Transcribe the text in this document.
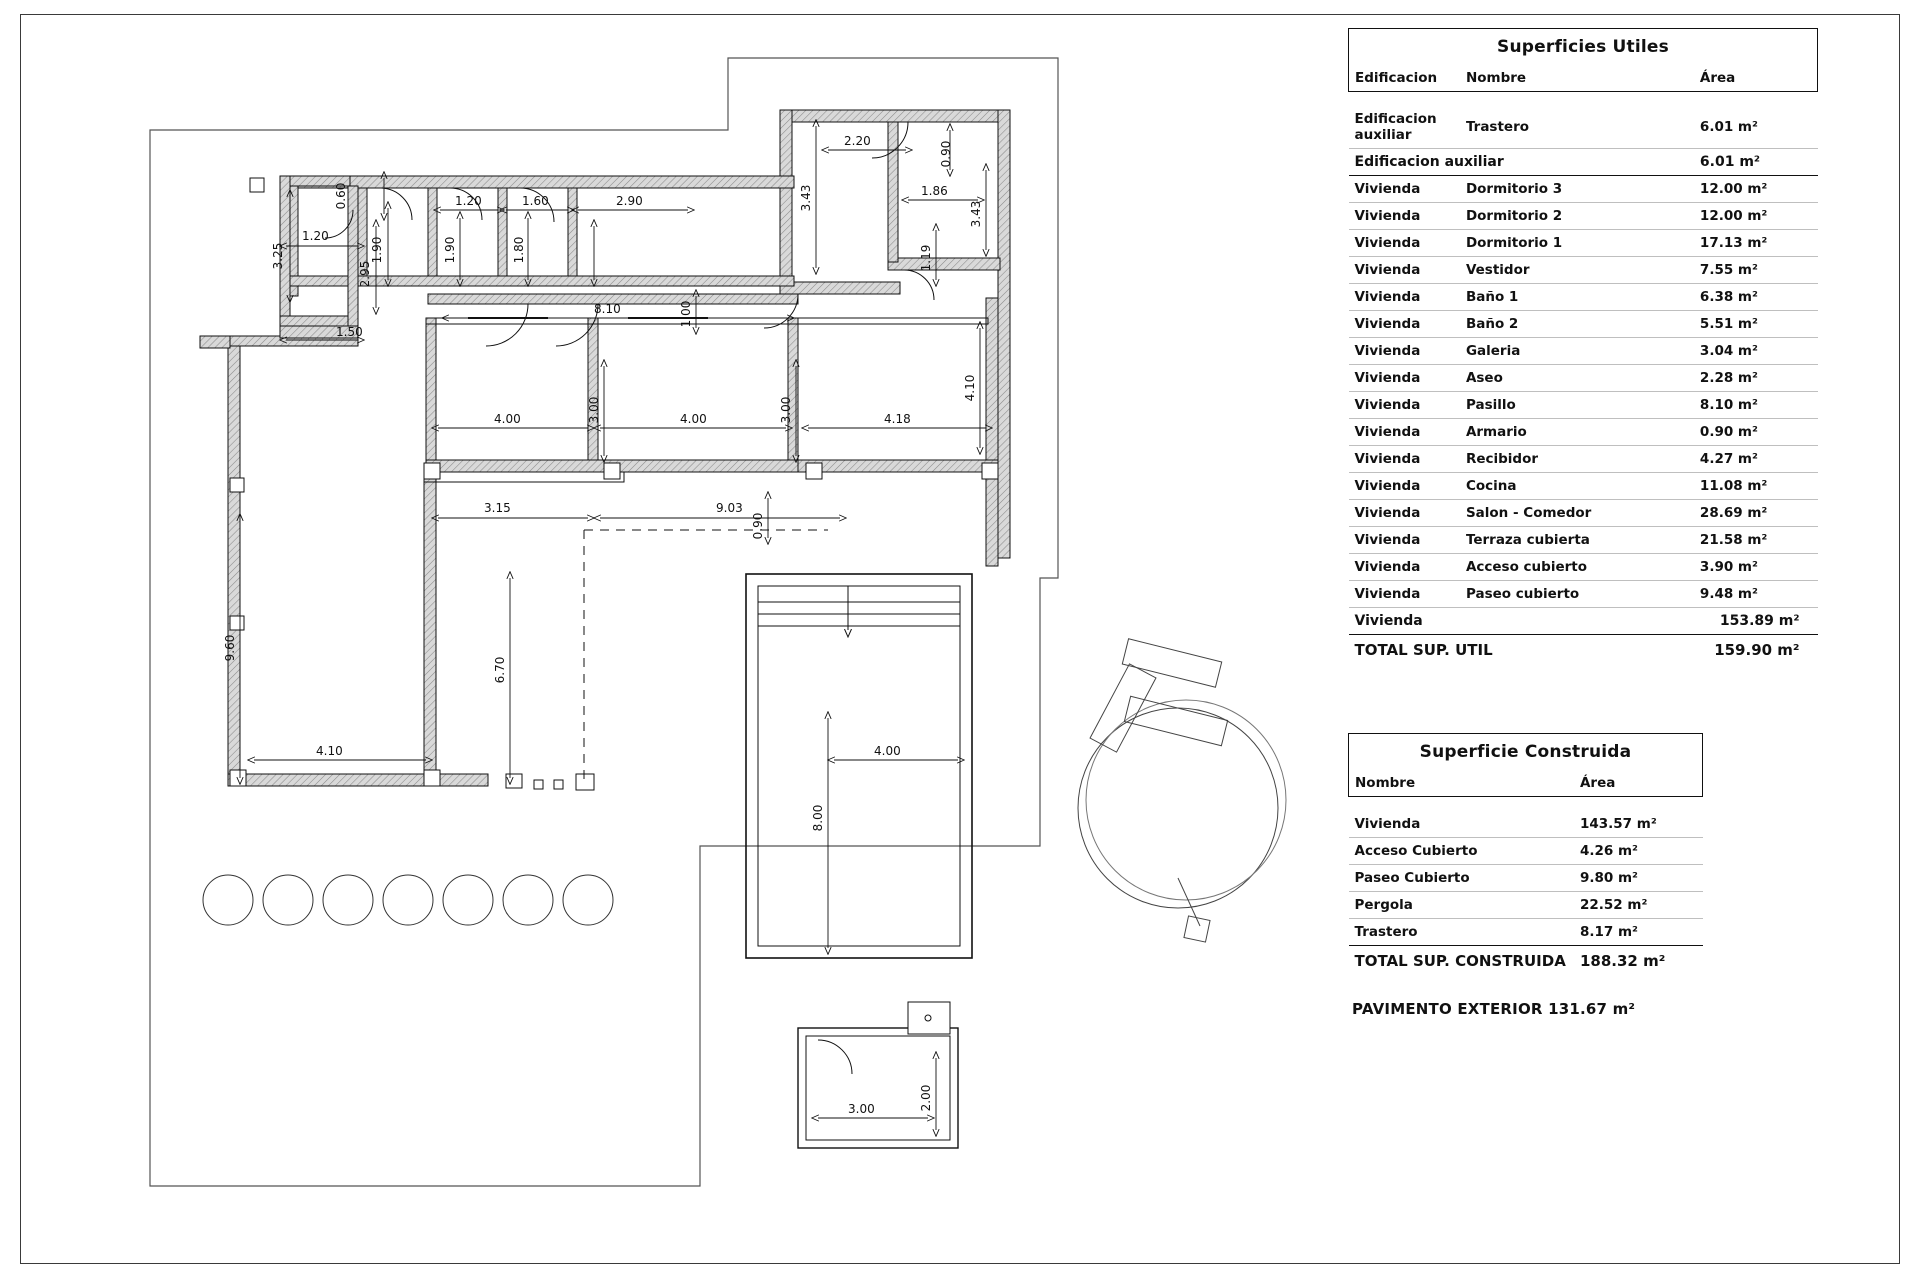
2.20	0.90
1.86
3.43
3.43
1.19
4.10
1.20	1.60	2.90
1.90	1.90	1.80
0.60
1.20
3.25
2.95
1.50
8.10	1.00
4.00	4.00	4.18
3.00	3.00
3.15	9.03
0.90
9.60
6.70
4.10
8.00
4.00
3.00	2.00
Superficies Utiles		
Edificacion	Nombre	Área

Edificacion auxiliar	Trastero	6.01 m²
Edificacion auxiliar		6.01 m²
Vivienda	Dormitorio 3	12.00 m²
Vivienda	Dormitorio 2	12.00 m²
Vivienda	Dormitorio 1	17.13 m²
Vivienda	Vestidor	7.55 m²
Vivienda	Baño 1	6.38 m²
Vivienda	Baño 2	5.51 m²
Vivienda	Galeria	3.04 m²
Vivienda	Aseo	2.28 m²
Vivienda	Pasillo	8.10 m²
Vivienda	Armario	0.90 m²
Vivienda	Recibidor	4.27 m²
Vivienda	Cocina	11.08 m²
Vivienda	Salon - Comedor	28.69 m²
Vivienda	Terraza cubierta	21.58 m²
Vivienda	Acceso cubierto	3.90 m²
Vivienda	Paseo cubierto	9.48 m²
Vivienda		153.89 m²
TOTAL SUP. UTIL		159.90 m²
Superficie Construida	
Nombre	Área

Vivienda	143.57 m²
Acceso Cubierto	4.26 m²
Paseo Cubierto	9.80 m²
Pergola	22.52 m²
Trastero	8.17 m²
TOTAL SUP. CONSTRUIDA	188.32 m²
PAVIMENTO EXTERIOR 131.67 m²
